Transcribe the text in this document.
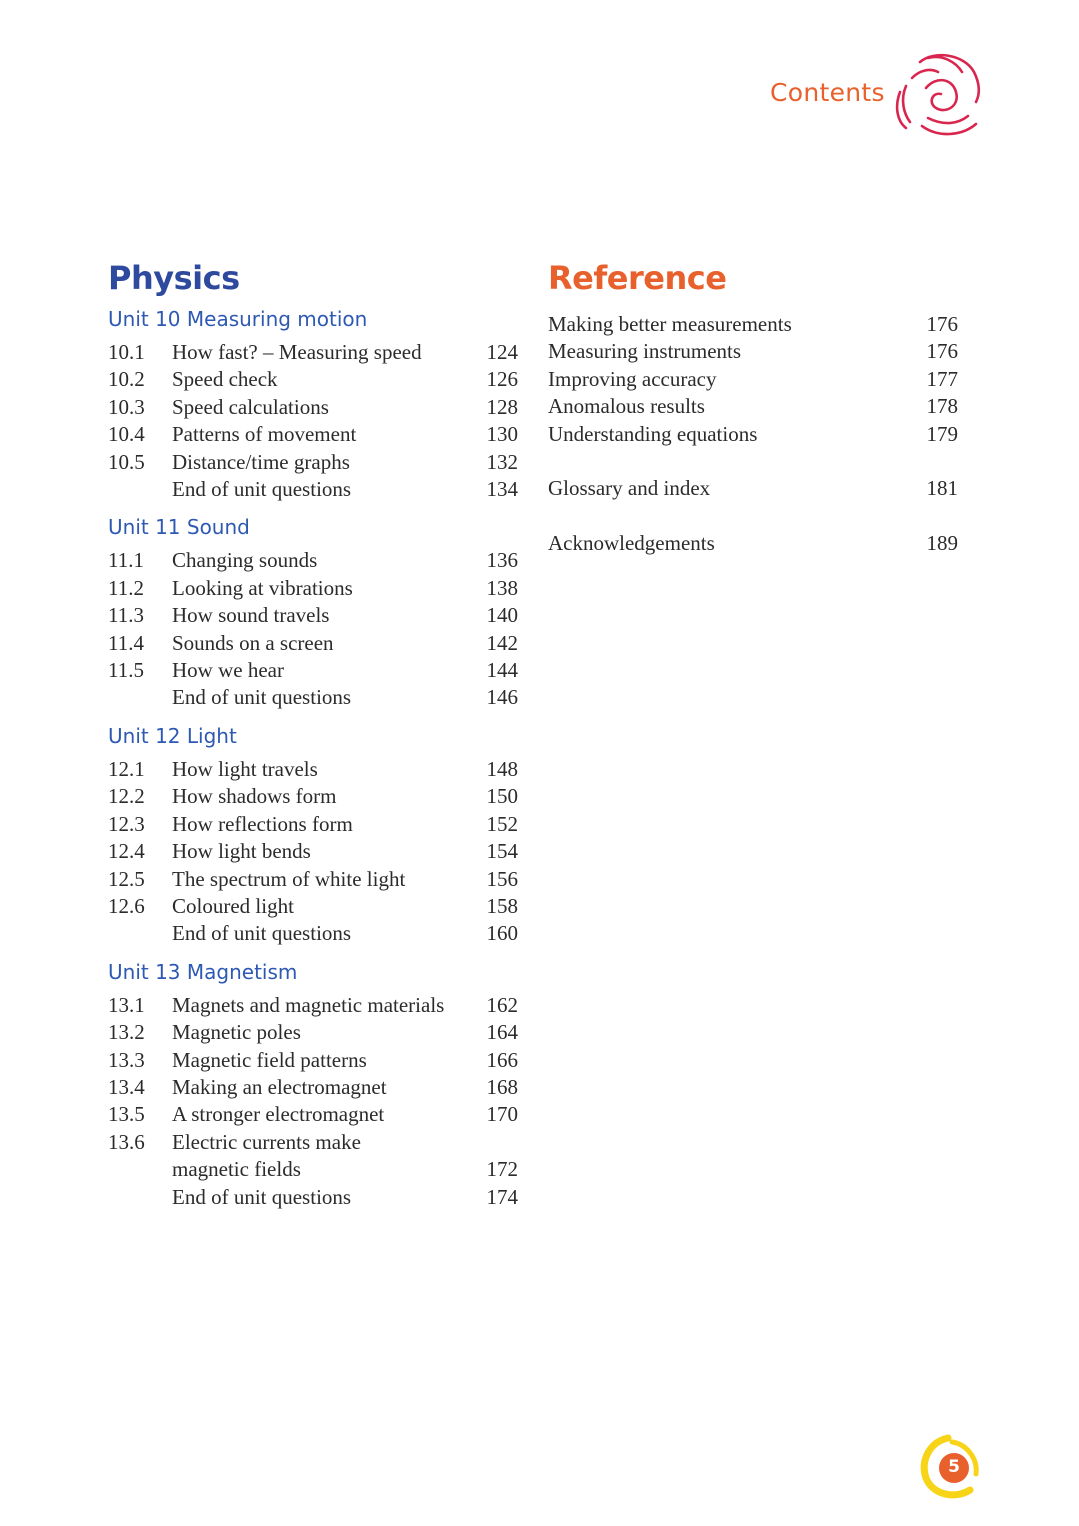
Contents
Physics
Unit 10 Measuring motion
10.1	How fast? – Measuring speed	124
10.2	Speed check	126
10.3	Speed calculations	128
10.4	Patterns of movement	130
10.5	Distance/time graphs	132
End of unit questions	134
Unit 11 Sound
11.1	Changing sounds	136
11.2	Looking at vibrations	138
11.3	How sound travels	140
11.4	Sounds on a screen	142
11.5	How we hear	144
End of unit questions	146
Unit 12 Light
12.1	How light travels	148
12.2	How shadows form	150
12.3	How reflections form	152
12.4	How light bends	154
12.5	The spectrum of white light	156
12.6	Coloured light	158
End of unit questions	160
Unit 13 Magnetism
13.1	Magnets and magnetic materials	162
13.2	Magnetic poles	164
13.3	Magnetic field patterns	166
13.4	Making an electromagnet	168
13.5	A stronger electromagnet	170
13.6	Electric currents make
magnetic fields	172
End of unit questions	174
Reference
Making better measurements	176
Measuring instruments	176
Improving accuracy	177
Anomalous results	178
Understanding equations	179
Glossary and index	181
Acknowledgements	189
5
